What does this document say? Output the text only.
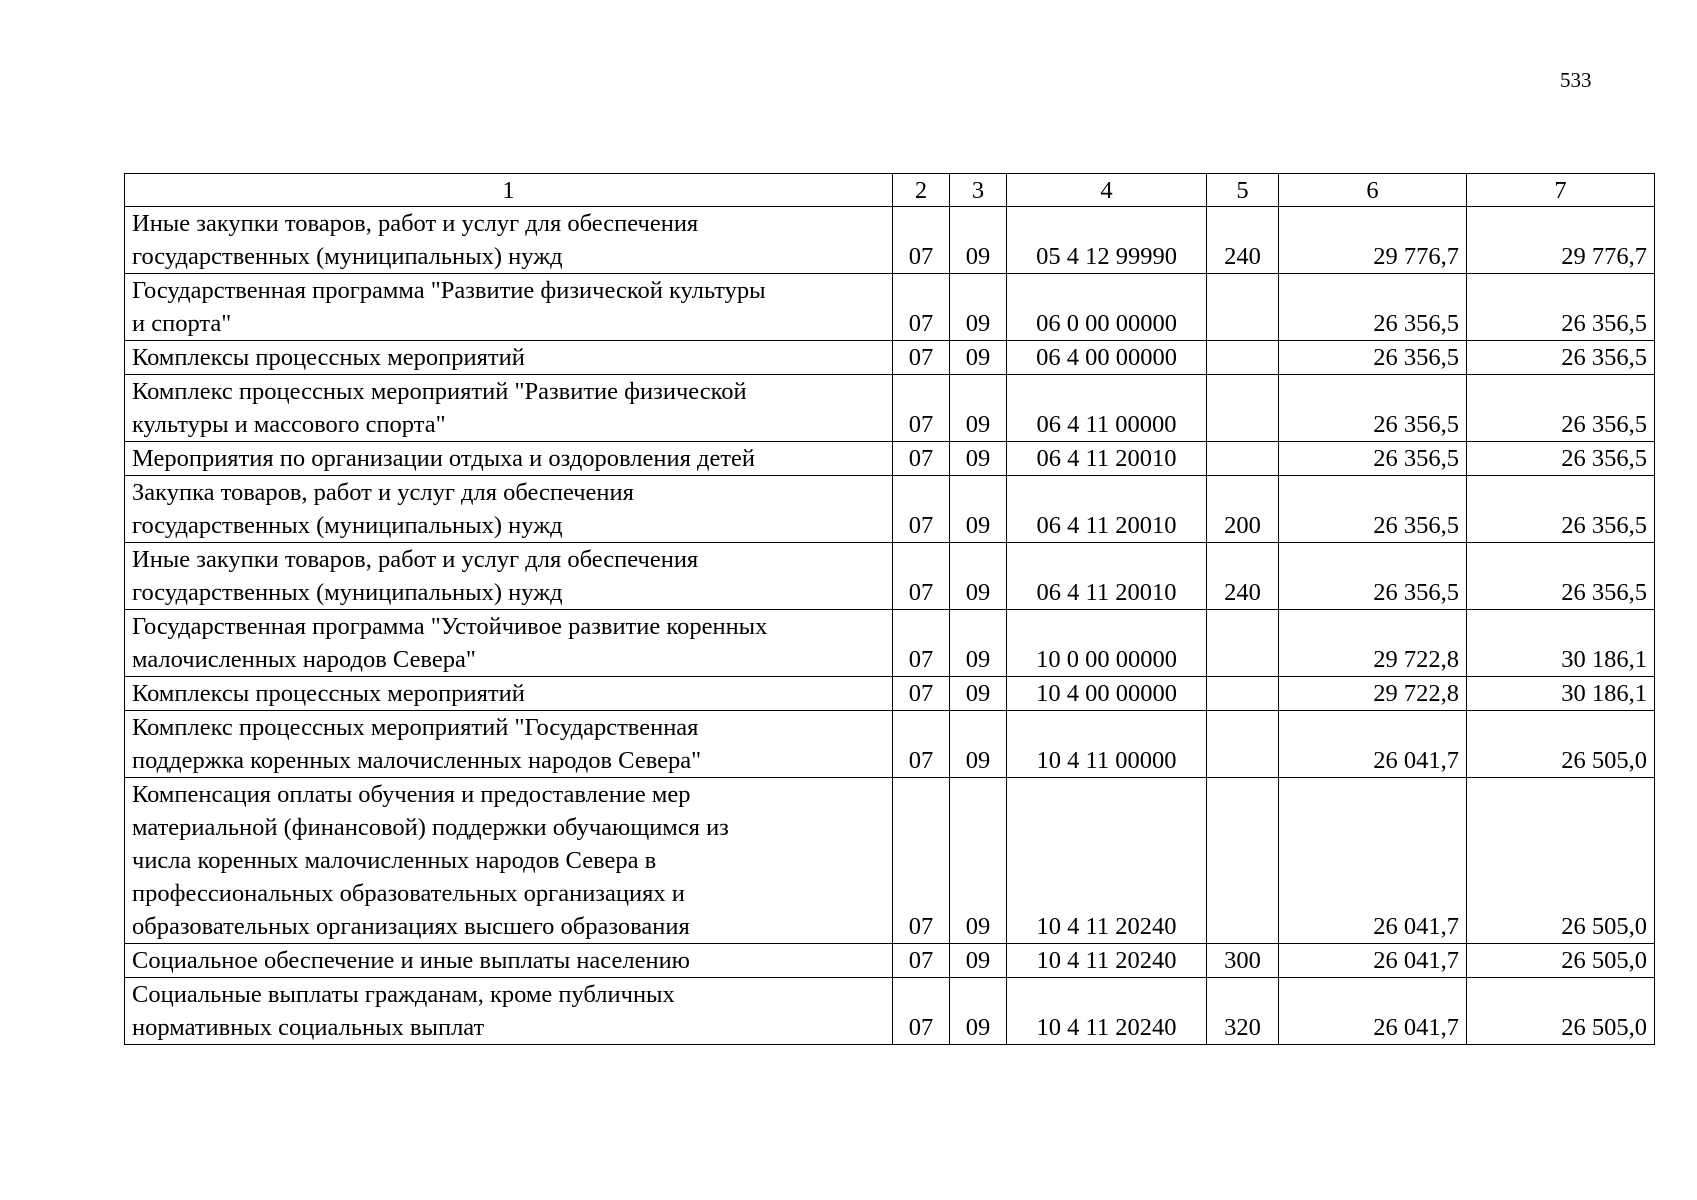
533
1	2	3	4	5	6	7

Иные закупки товаров, работ и услуг для обеспечения
государственных (муниципальных) нужд	07	09	05 4 12 99990	240	29 776,7	29 776,7

Государственная программа "Развитие физической культуры
и спорта"	07	09	06 0 00 00000		26 356,5	26 356,5

Комплексы процессных мероприятий	07	09	06 4 00 00000		26 356,5	26 356,5

Комплекс процессных мероприятий "Развитие физической
культуры и массового спорта"	07	09	06 4 11 00000		26 356,5	26 356,5

Мероприятия по организации отдыха и оздоровления детей	07	09	06 4 11 20010		26 356,5	26 356,5

Закупка товаров, работ и услуг для обеспечения
государственных (муниципальных) нужд	07	09	06 4 11 20010	200	26 356,5	26 356,5

Иные закупки товаров, работ и услуг для обеспечения
государственных (муниципальных) нужд	07	09	06 4 11 20010	240	26 356,5	26 356,5

Государственная программа "Устойчивое развитие коренных
малочисленных народов Севера"	07	09	10 0 00 00000		29 722,8	30 186,1

Комплексы процессных мероприятий	07	09	10 4 00 00000		29 722,8	30 186,1

Комплекс процессных мероприятий "Государственная
поддержка коренных малочисленных народов Севера"	07	09	10 4 11 00000		26 041,7	26 505,0

Компенсация оплаты обучения и предоставление мер
материальной (финансовой) поддержки обучающимся из
числа коренных малочисленных народов Севера в
профессиональных образовательных организациях и
образовательных организациях высшего образования	07	09	10 4 11 20240		26 041,7	26 505,0

Социальное обеспечение и иные выплаты населению	07	09	10 4 11 20240	300	26 041,7	26 505,0

Социальные выплаты гражданам, кроме публичных
нормативных социальных выплат	07	09	10 4 11 20240	320	26 041,7	26 505,0
